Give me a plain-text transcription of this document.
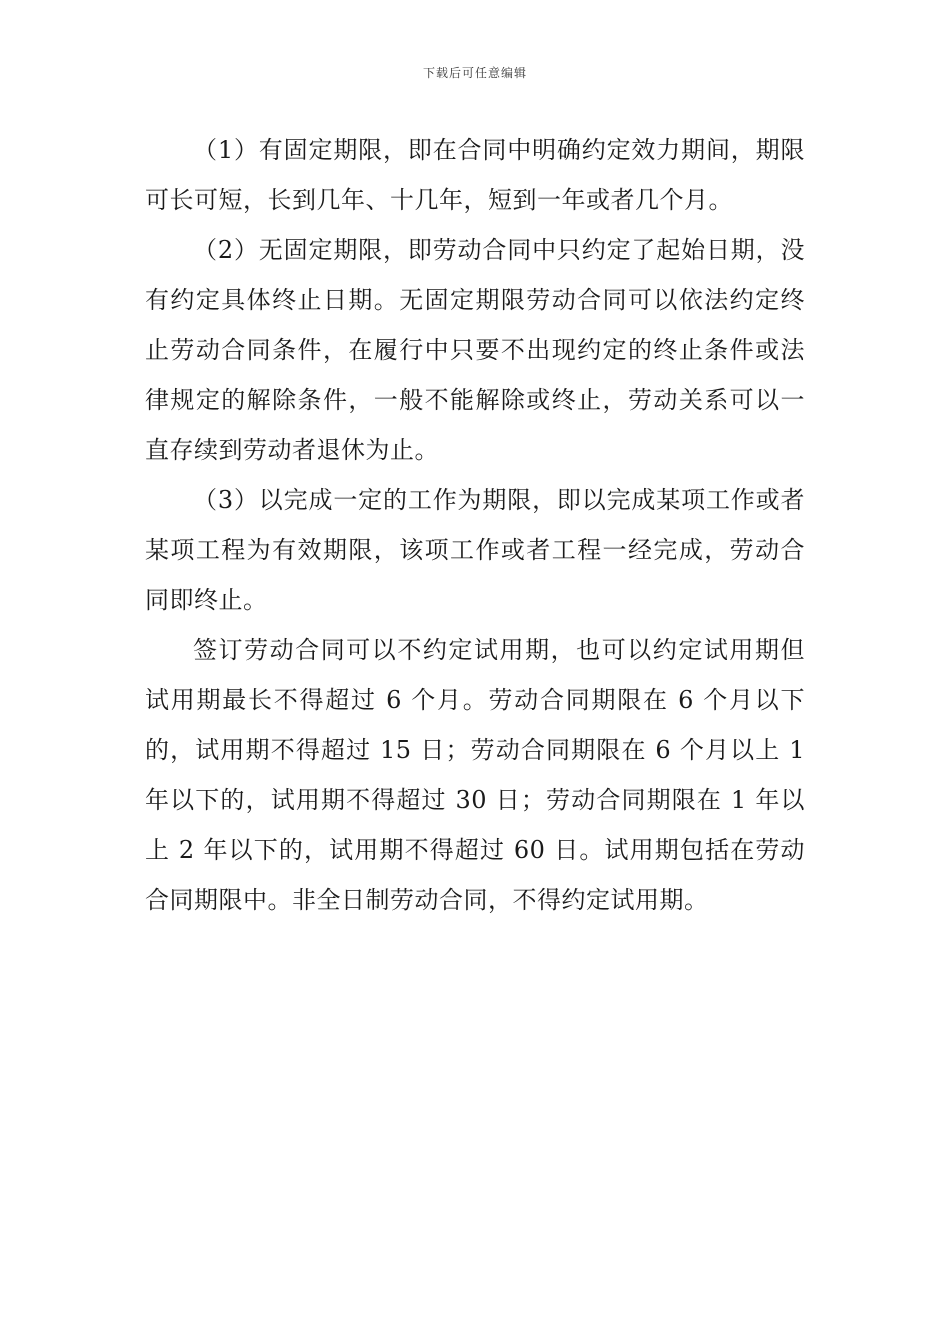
下载后可任意编辑

（1）有固定期限，即在合同中明确约定效力期间，期限可长可短，长到几年、十几年，短到一年或者几个月。

（2）无固定期限，即劳动合同中只约定了起始日期，没有约定具体终止日期。无固定期限劳动合同可以依法约定终止劳动合同条件，在履行中只要不出现约定的终止条件或法律规定的解除条件，一般不能解除或终止，劳动关系可以一直存续到劳动者退休为止。

（3）以完成一定的工作为期限，即以完成某项工作或者某项工程为有效期限，该项工作或者工程一经完成，劳动合同即终止。

签订劳动合同可以不约定试用期，也可以约定试用期但试用期最长不得超过 6 个月。劳动合同期限在 6 个月以下的，试用期不得超过 15 日；劳动合同期限在 6 个月以上 1 年以下的，试用期不得超过 30 日；劳动合同期限在 1 年以上 2 年以下的，试用期不得超过 60 日。试用期包括在劳动合同期限中。非全日制劳动合同，不得约定试用期。
